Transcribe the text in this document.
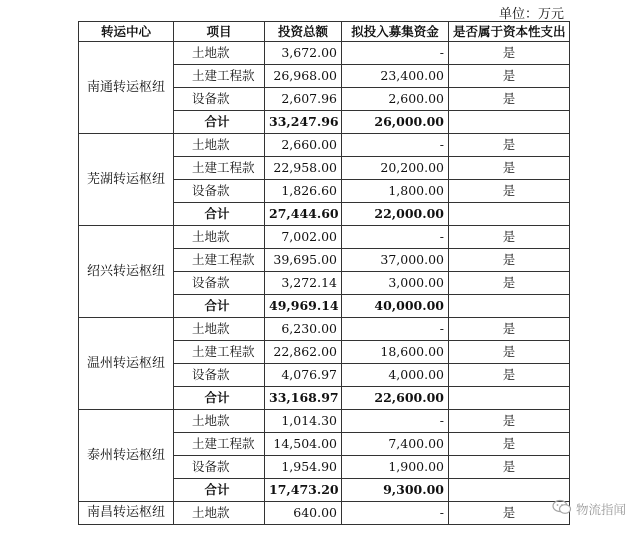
单位：万元
转运中心	项目	投资总额	拟投入募集资金	是否属于资本性支出
南通转运枢纽	土地款	3,672.00	-	是
	土建工程款	26,968.00	23,400.00	是
	设备款	2,607.96	2,600.00	是
	合计	33,247.96	26,000.00	
芜湖转运枢纽	土地款	2,660.00	-	是
	土建工程款	22,958.00	20,200.00	是
	设备款	1,826.60	1,800.00	是
	合计	27,444.60	22,000.00	
绍兴转运枢纽	土地款	7,002.00	-	是
	土建工程款	39,695.00	37,000.00	是
	设备款	3,272.14	3,000.00	是
	合计	49,969.14	40,000.00	
温州转运枢纽	土地款	6,230.00	-	是
	土建工程款	22,862.00	18,600.00	是
	设备款	4,076.97	4,000.00	是
	合计	33,168.97	22,600.00	
泰州转运枢纽	土地款	1,014.30	-	是
	土建工程款	14,504.00	7,400.00	是
	设备款	1,954.90	1,900.00	是
	合计	17,473.20	9,300.00	
南昌转运枢纽	土地款	640.00	-	是	物流指闻
